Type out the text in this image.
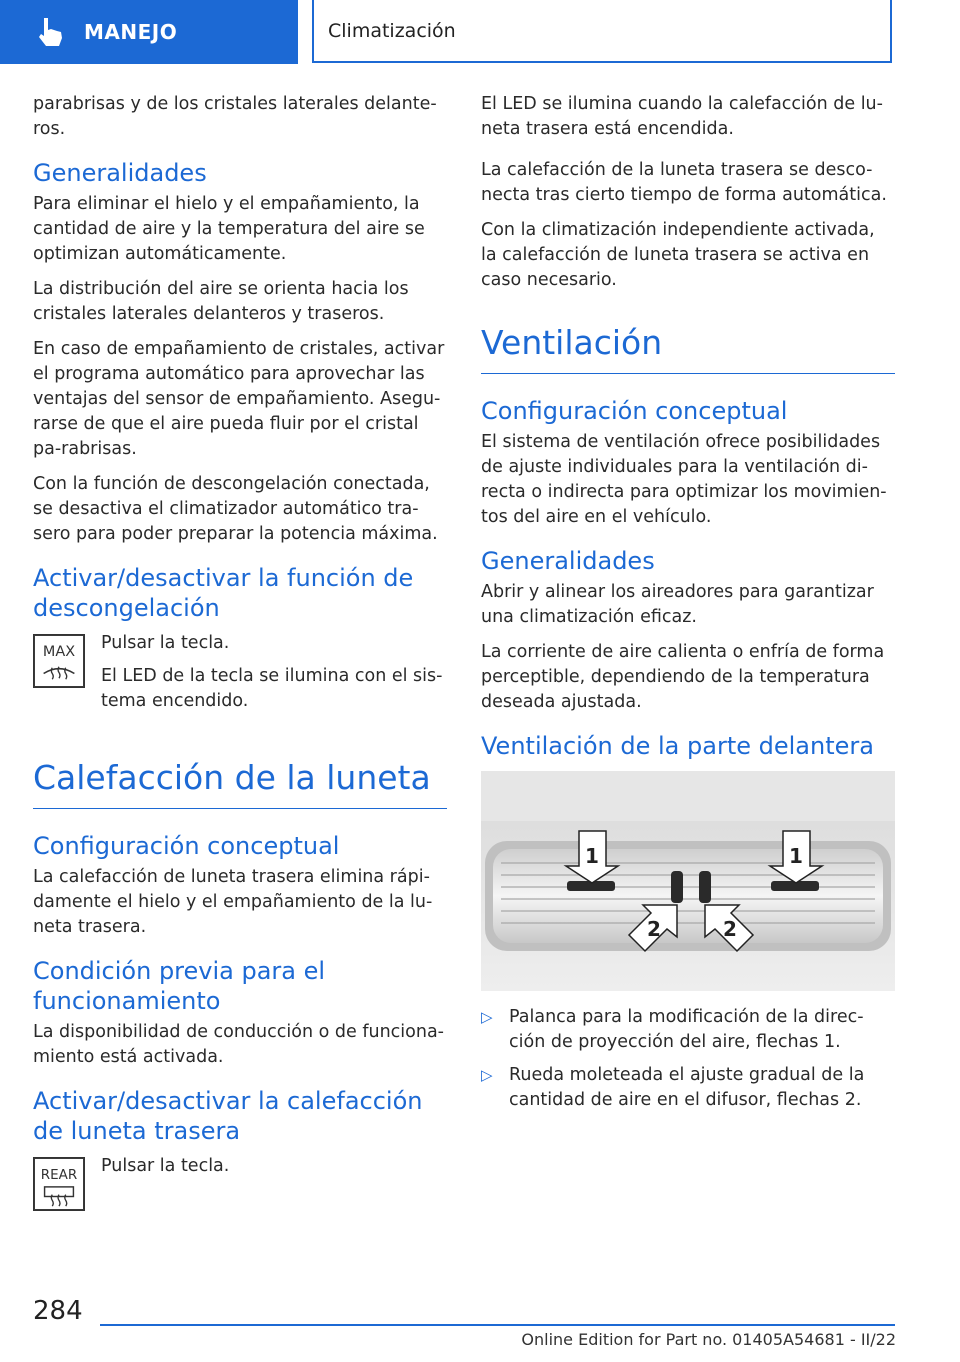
MANEJO	Climatización

parabrisas y de los cristales laterales delante-ros.

Generalidades

Para eliminar el hielo y el empañamiento, la cantidad de aire y la temperatura del aire se optimizan automáticamente.

La distribución del aire se orienta hacia los cristales laterales delanteros y traseros.

En caso de empañamiento de cristales, activar el programa automático para aprovechar las ventajas del sensor de empañamiento. Asegu-rarse de que el aire pueda fluir por el cristal pa-rabrisas.

Con la función de descongelación conectada, se desactiva el climatizador automático tra-sero para poder preparar la potencia máxima.

Activar/desactivar la función de descongelación
MAX Pulsar la tecla.

El LED de la tecla se ilumina con el sis-tema encendido.

Calefacción de la luneta
Configuración conceptual

La calefacción de luneta trasera elimina rápi-damente el hielo y el empañamiento de la lu-neta trasera.

Condición previa para el funcionamiento

La disponibilidad de conducción o de funciona-miento está activada.

Activar/desactivar la calefacción de luneta trasera
REAR Pulsar la tecla.

El LED se ilumina cuando la calefacción de lu-neta trasera está encendida.

La calefacción de la luneta trasera se desco-necta tras cierto tiempo de forma automática.

Con la climatización independiente activada, la calefacción de luneta trasera se activa en caso necesario.

Ventilación
Configuración conceptual

El sistema de ventilación ofrece posibilidades de ajuste individuales para la ventilación di-recta o indirecta para optimizar los movimien-tos del aire en el vehículo.

Generalidades

Abrir y alinear los aireadores para garantizar una climatización eficaz.

La corriente de aire calienta o enfría de forma perceptible, dependiendo de la temperatura deseada ajustada.

Ventilación de la parte delantera
1	1
2	2
▷ Palanca para la modificación de la direc-ción de proyección del aire, flechas 1.
▷ Rueda moleteada el ajuste gradual de la cantidad de aire en el difusor, flechas 2.
284
Online Edition for Part no. 01405A54681 - II/22
